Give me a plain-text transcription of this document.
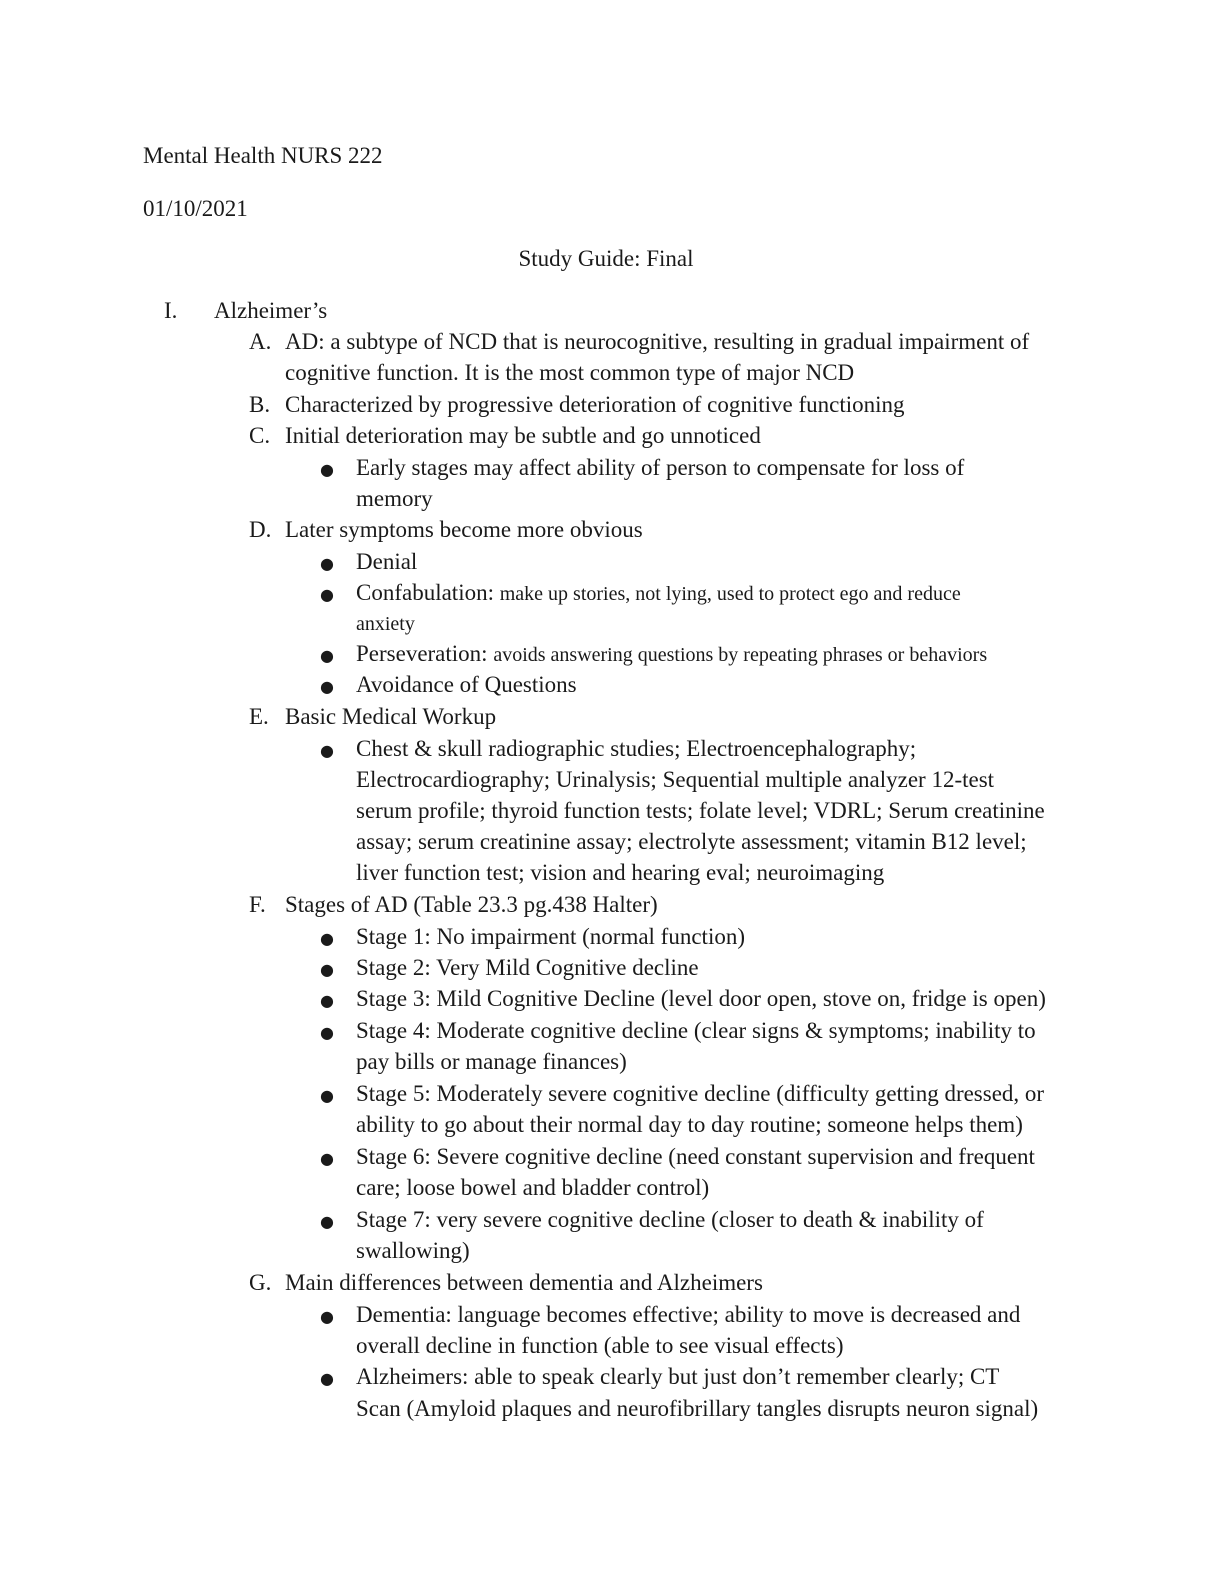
Mental Health NURS 222
01/10/2021
Study Guide: Final
I. Alzheimer’s
A. AD: a subtype of NCD that is neurocognitive, resulting in gradual impairment of
cognitive function. It is the most common type of major NCD
B. Characterized by progressive deterioration of cognitive functioning
C. Initial deterioration may be subtle and go unnoticed
● Early stages may affect ability of person to compensate for loss of
memory
D. Later symptoms become more obvious
● Denial
● Confabulation: make up stories, not lying, used to protect ego and reduce
anxiety
● Perseveration: avoids answering questions by repeating phrases or behaviors
● Avoidance of Questions
E. Basic Medical Workup
● Chest & skull radiographic studies; Electroencephalography;
Electrocardiography; Urinalysis; Sequential multiple analyzer 12-test
serum profile; thyroid function tests; folate level; VDRL; Serum creatinine
assay; serum creatinine assay; electrolyte assessment; vitamin B12 level;
liver function test; vision and hearing eval; neuroimaging
F. Stages of AD (Table 23.3 pg.438 Halter)
● Stage 1: No impairment (normal function)
● Stage 2: Very Mild Cognitive decline
● Stage 3: Mild Cognitive Decline (level door open, stove on, fridge is open)
● Stage 4: Moderate cognitive decline (clear signs & symptoms; inability to
pay bills or manage finances)
● Stage 5: Moderately severe cognitive decline (difficulty getting dressed, or
ability to go about their normal day to day routine; someone helps them)
● Stage 6: Severe cognitive decline (need constant supervision and frequent
care; loose bowel and bladder control)
● Stage 7: very severe cognitive decline (closer to death & inability of
swallowing)
G. Main differences between dementia and Alzheimers
● Dementia: language becomes effective; ability to move is decreased and
overall decline in function (able to see visual effects)
● Alzheimers: able to speak clearly but just don’t remember clearly; CT
Scan (Amyloid plaques and neurofibrillary tangles disrupts neuron signal)
